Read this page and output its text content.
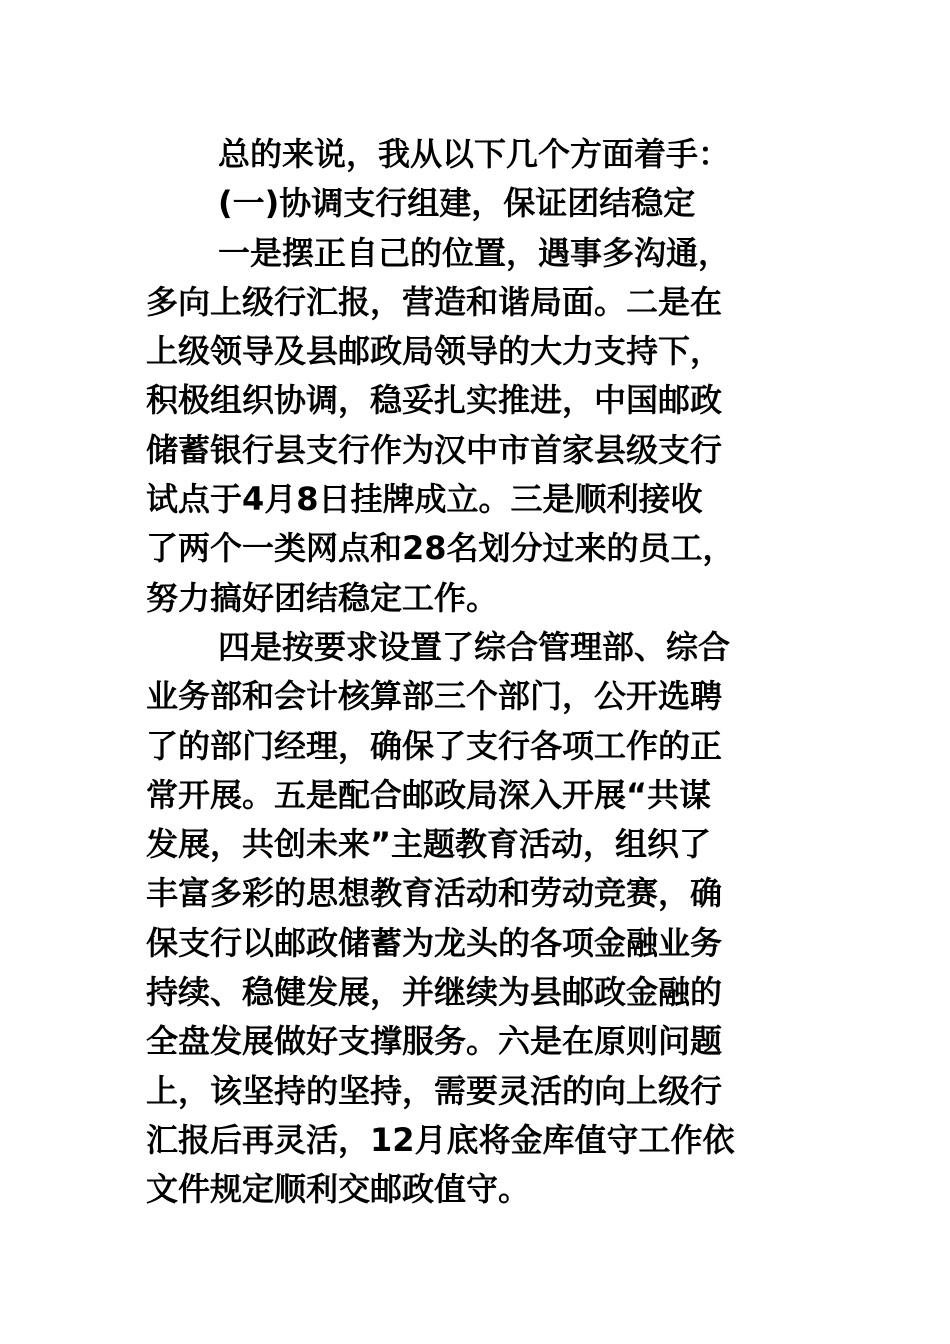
总的来说，我从以下几个方面着手：
(一)协调支行组建，保证团结稳定
一是摆正自己的位置，遇事多沟通，
多向上级行汇报，营造和谐局面。二是在
上级领导及县邮政局领导的大力支持下，
积极组织协调，稳妥扎实推进，中国邮政
储蓄银行县支行作为汉中市首家县级支行
试点于4月8日挂牌成立。三是顺利接收
了两个一类网点和28名划分过来的员工，
努力搞好团结稳定工作。
四是按要求设置了综合管理部、综合
业务部和会计核算部三个部门，公开选聘
了的部门经理，确保了支行各项工作的正
常开展。五是配合邮政局深入开展“共谋
发展，共创未来”主题教育活动，组织了
丰富多彩的思想教育活动和劳动竞赛，确
保支行以邮政储蓄为龙头的各项金融业务
持续、稳健发展，并继续为县邮政金融的
全盘发展做好支撑服务。六是在原则问题
上，该坚持的坚持，需要灵活的向上级行
汇报后再灵活，12月底将金库值守工作依
文件规定顺利交邮政值守。
